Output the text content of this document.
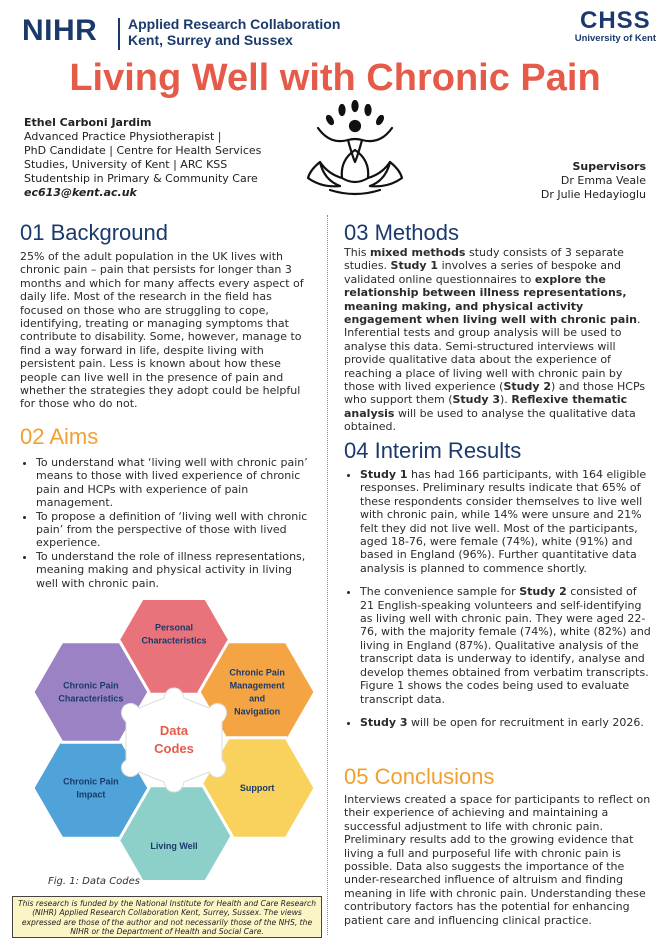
NIHR Applied Research Collaboration
Kent, Surrey and Sussex
CHSS
University of Kent
Living Well with Chronic Pain
Ethel Carboni Jardim
Advanced Practice Physiotherapist |
PhD Candidate | Centre for Health Services
Studies, University of Kent | ARC KSS
Studentship in Primary & Community Care
ec613@kent.ac.uk
Supervisors
Dr Emma Veale
Dr Julie Hedayioglu
01 Background

25% of the adult population in the UK lives with chronic pain – pain that persists for longer than 3 months and which for many affects every aspect of daily life. Most of the research in the field has focused on those who are struggling to cope, identifying, treating or managing symptoms that contribute to disability. Some, however, manage to find a way forward in life, despite living with persistent pain. Less is known about how these people can live well in the presence of pain and whether the strategies they adopt could be helpful for those who do not.

02 Aims
• To understand what ‘living well with chronic pain’ means to those with lived experience of chronic pain and HCPs with experience of pain management.
• To propose a definition of ‘living well with chronic pain’ from the perspective of those with lived experience.
• To understand the role of illness representations, meaning making and physical activity in living well with chronic pain.
Personal
Characteristics
Chronic Pain
Management
and
Navigation
Support
Living Well
Chronic Pain
Impact
Chronic Pain
Characteristics
Data
Codes
Fig. 1: Data Codes
This research is funded by the National Institute for Health and Care Research (NIHR) Applied Research Collaboration Kent, Surrey, Sussex. The views expressed are those of the author and not necessarily those of the NHS, the NIHR or the Department of Health and Social Care.
03 Methods

This mixed methods study consists of 3 separate studies. Study 1 involves a series of bespoke and validated online questionnaires to explore the relationship between illness representations, meaning making, and physical activity engagement when living well with chronic pain. Inferential tests and group analysis will be used to analyse this data. Semi-structured interviews will provide qualitative data about the experience of reaching a place of living well with chronic pain by those with lived experience (Study 2) and those HCPs who support them (Study 3). Reflexive thematic analysis will be used to analyse the qualitative data obtained.

04 Interim Results
• Study 1 has had 166 participants, with 164 eligible responses. Preliminary results indicate that 65% of these respondents consider themselves to live well with chronic pain, while 14% were unsure and 21% felt they did not live well. Most of the participants, aged 18-76, were female (74%), white (91%) and based in England (96%). Further quantitative data analysis is planned to commence shortly.
• The convenience sample for Study 2 consisted of 21 English-speaking volunteers and self-identifying as living well with chronic pain. They were aged 22-76, with the majority female (74%), white (82%) and living in England (87%). Qualitative analysis of the transcript data is underway to identify, analyse and develop themes obtained from verbatim transcripts. Figure 1 shows the codes being used to evaluate transcript data.
• Study 3 will be open for recruitment in early 2026.
05 Conclusions

Interviews created a space for participants to reflect on their experience of achieving and maintaining a successful adjustment to life with chronic pain. Preliminary results add to the growing evidence that living a full and purposeful life with chronic pain is possible. Data also suggests the importance of the under-researched influence of altruism and finding meaning in life with chronic pain. Understanding these contributory factors has the potential for enhancing patient care and influencing clinical practice.
